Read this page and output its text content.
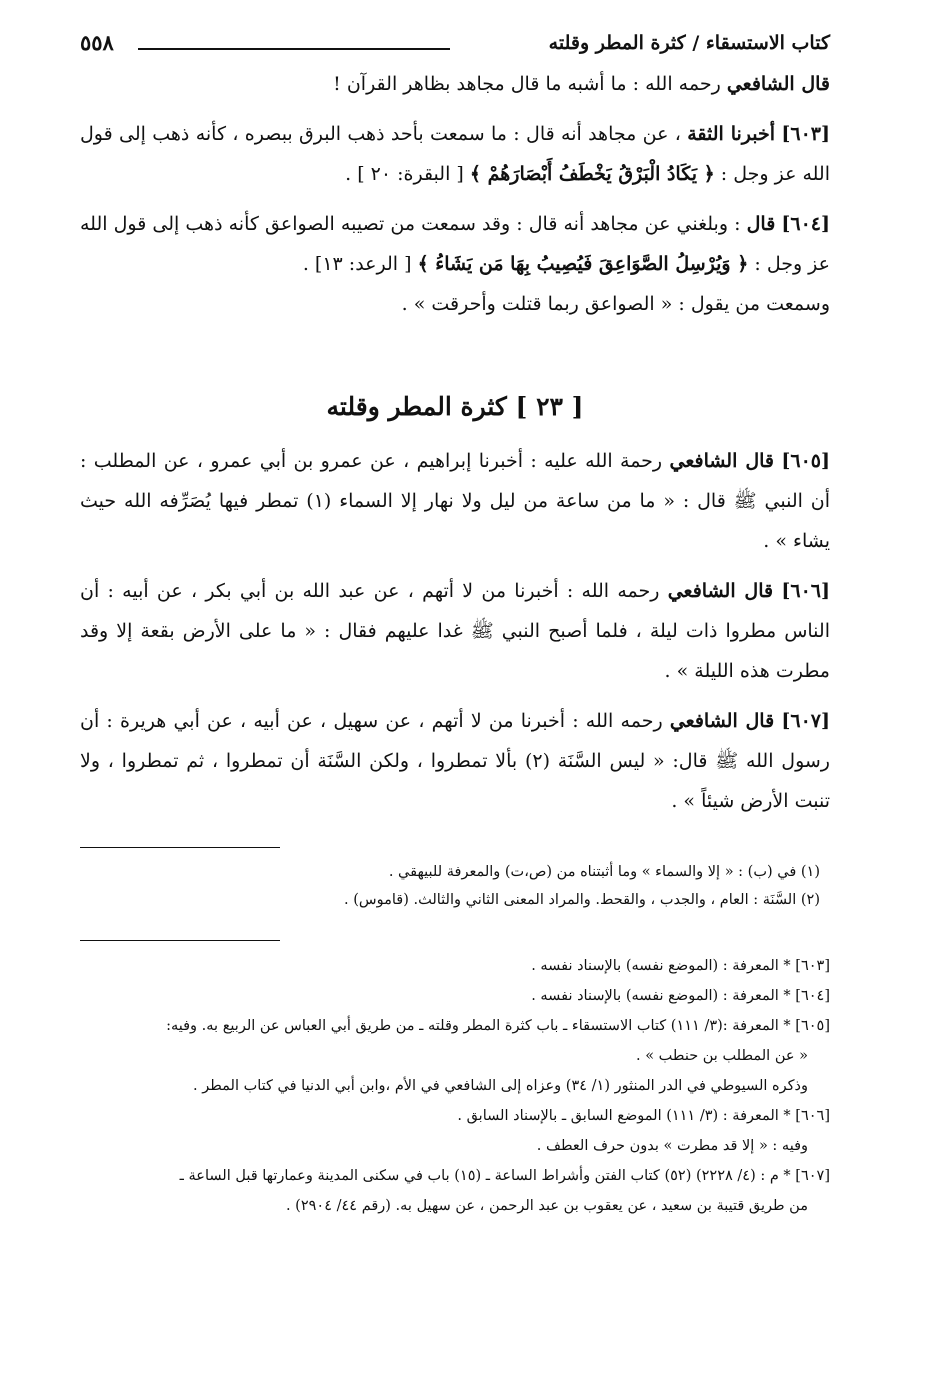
كتاب الاستسقاء / كثرة المطر وقلته
٥٥٨

قال الشافعي رحمه الله : ما أشبه ما قال مجاهد بظاهر القرآن !

[٦٠٣] أخبرنا الثقة ، عن مجاهد أنه قال : ما سمعت بأحد ذهب البرق ببصره ، كأنه ذهب إلى قول الله عز وجل : ﴿ يَكَادُ الْبَرْقُ يَخْطَفُ أَبْصَارَهُمْ ﴾ [ البقرة: ٢٠ ] .

[٦٠٤] قال : وبلغني عن مجاهد أنه قال : وقد سمعت من تصيبه الصواعق كأنه ذهب إلى قول الله عز وجل : ﴿ وَيُرْسِلُ الصَّوَاعِقَ فَيُصِيبُ بِهَا مَن يَشَاءُ ﴾ [ الرعد: ١٣] .

وسمعت من يقول : « الصواعق ربما قتلت وأحرقت » .

[ ٢٣ ] كثرة المطر وقلته

[٦٠٥] قال الشافعي رحمة الله عليه : أخبرنا إبراهيم ، عن عمرو بن أبي عمرو ، عن المطلب : أن النبي ﷺ قال : « ما من ساعة من ليل ولا نهار إلا السماء (١) تمطر فيها يُصَرِّفه الله حيث يشاء » .

[٦٠٦] قال الشافعي رحمه الله : أخبرنا من لا أتهم ، عن عبد الله بن أبي بكر ، عن أبيه : أن الناس مطروا ذات ليلة ، فلما أصبح النبي ﷺ غدا عليهم فقال : « ما على الأرض بقعة إلا وقد مطرت هذه الليلة » .

[٦٠٧] قال الشافعي رحمه الله : أخبرنا من لا أتهم ، عن سهيل ، عن أبيه ، عن أبي هريرة : أن رسول الله ﷺ قال: « ليس السَّنَة (٢) بألا تمطروا ، ولكن السَّنَة أن تمطروا ، ثم تمطروا ، ولا تنبت الأرض شيئاً » .

(١) في (ب) : « إلا والسماء » وما أثبتناه من (ص،ت) والمعرفة للبيهقي .

(٢) السَّنَة : العام ، والجدب ، والقحط. والمراد المعنى الثاني والثالث. (قاموس) .

[٦٠٣] * المعرفة : (الموضع نفسه) بالإسناد نفسه .

[٦٠٤] * المعرفة : (الموضع نفسه) بالإسناد نفسه .

[٦٠٥] * المعرفة :(٣/ ١١١) كتاب الاستسقاء ـ باب كثرة المطر وقلته ـ من طريق أبي العباس عن الربيع به. وفيه:

« عن المطلب بن حنطب » .

وذكره السيوطي في الدر المنثور (١/ ٣٤) وعزاه إلى الشافعي في الأم ،وابن أبي الدنيا في كتاب المطر .

[٦٠٦] * المعرفة : (٣/ ١١١) الموضع السابق ـ بالإسناد السابق .

وفيه : « إلا قد مطرت » بدون حرف العطف .

[٦٠٧] * م : (٤/ ٢٢٢٨) (٥٢) كتاب الفتن وأشراط الساعة ـ (١٥) باب في سكنى المدينة وعمارتها قبل الساعة ـ

من طريق قتيبة بن سعيد ، عن يعقوب بن عبد الرحمن ، عن سهيل به. (رقم ٤٤/ ٢٩٠٤) .
